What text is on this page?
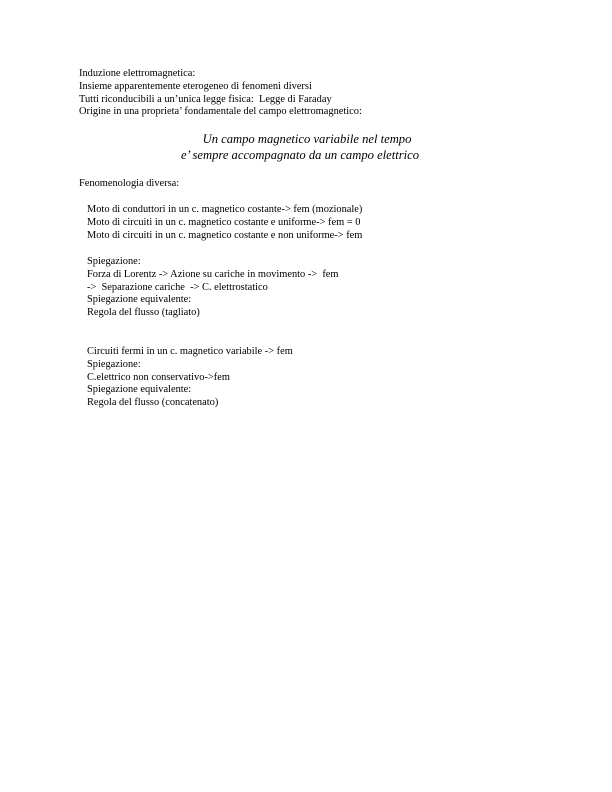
Induzione elettromagnetica:
Insieme apparentemente eterogeneo di fenomeni diversi
Tutti riconducibili a un’unica legge fisica:  Legge di Faraday
Origine in una proprieta’ fondamentale del campo elettromagnetico:
Un campo magnetico variabile nel tempo
e’ sempre accompagnato da un campo elettrico
Fenomenologia diversa:
Moto di conduttori in un c. magnetico costante-> fem (mozionale)
Moto di circuiti in un c. magnetico costante e uniforme-> fem = 0
Moto di circuiti in un c. magnetico costante e non uniforme-> fem
Spiegazione:
Forza di Lorentz -> Azione su cariche in movimento ->  fem
->  Separazione cariche  -> C. elettrostatico
Spiegazione equivalente:
Regola del flusso (tagliato)
Circuiti fermi in un c. magnetico variabile -> fem
Spiegazione:
C.elettrico non conservativo->fem
Spiegazione equivalente:
Regola del flusso (concatenato)
